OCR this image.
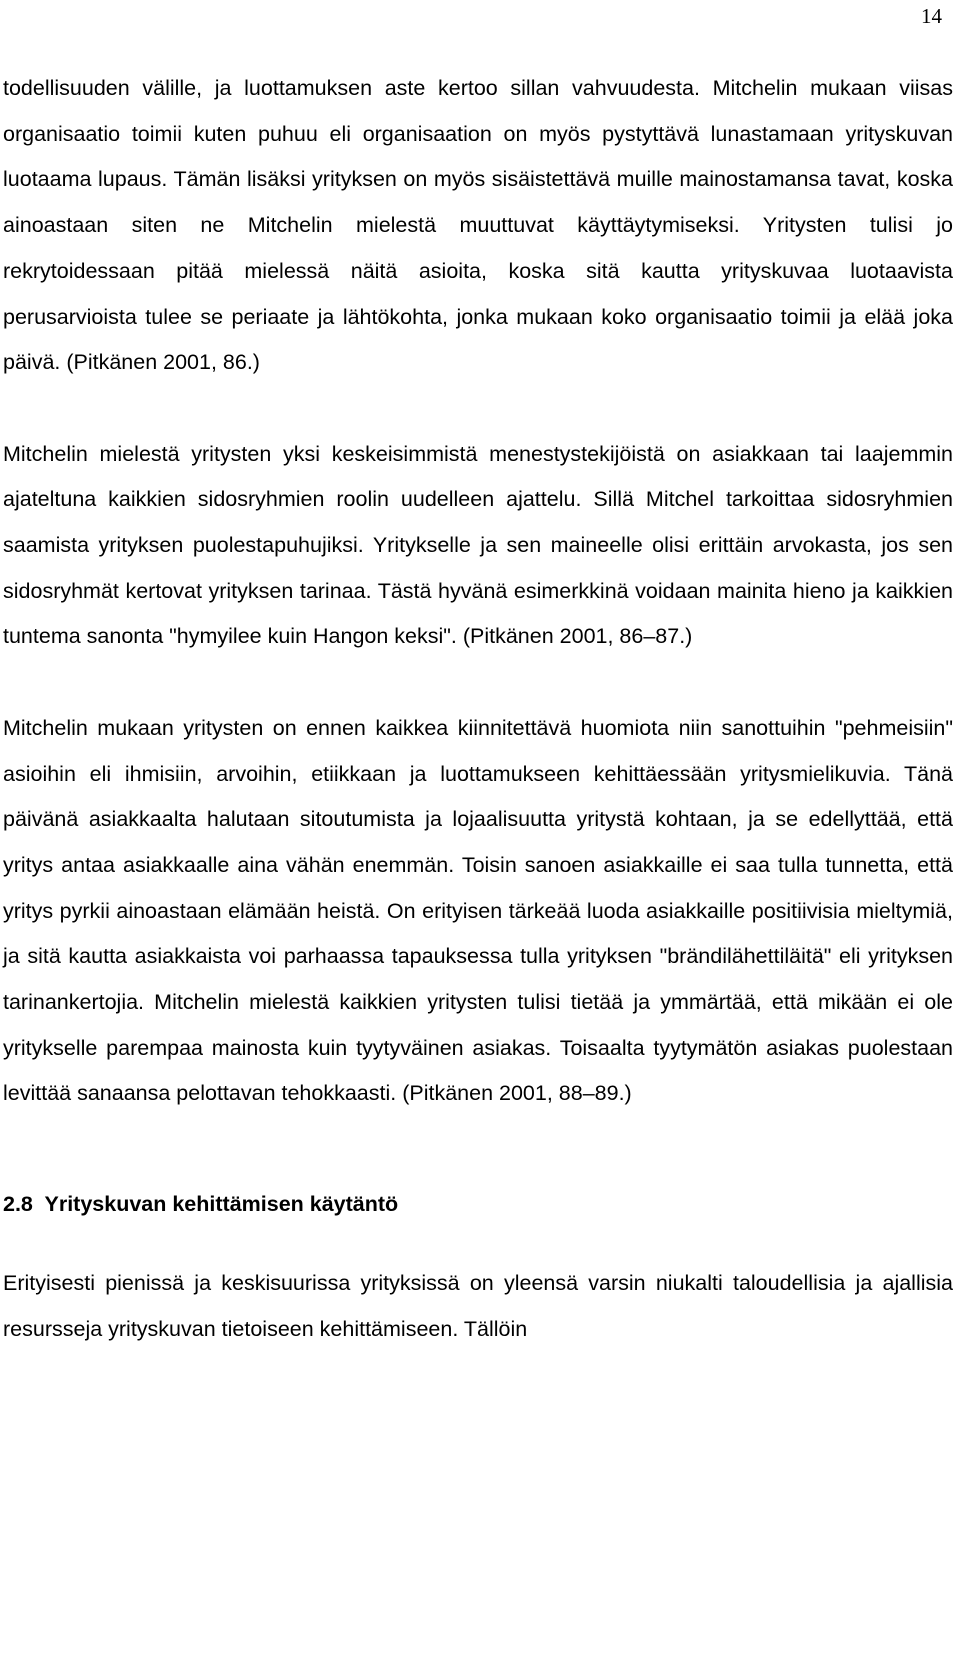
14

todellisuuden välille, ja luottamuksen aste kertoo sillan vahvuudesta. Mitchelin mukaan viisas organisaatio toimii kuten puhuu eli organisaation on myös pystyttävä lunastamaan yrityskuvan luotaama lupaus. Tämän lisäksi yrityksen on myös sisäistettävä muille mainostamansa tavat, koska ainoastaan siten ne Mitchelin mielestä muuttuvat käyttäytymiseksi. Yritysten tulisi jo rekrytoidessaan pitää mielessä näitä asioita, koska sitä kautta yrityskuvaa luotaavista perusarvioista tulee se periaate ja lähtökohta, jonka mukaan koko organisaatio toimii ja elää joka päivä. (Pitkänen 2001, 86.)

Mitchelin mielestä yritysten yksi keskeisimmistä menestystekijöistä on asiakkaan tai laajemmin ajateltuna kaikkien sidosryhmien roolin uudelleen ajattelu. Sillä Mitchel tarkoittaa sidosryhmien saamista yrityksen puolestapuhujiksi. Yritykselle ja sen maineelle olisi erittäin arvokasta, jos sen sidosryhmät kertovat yrityksen tarinaa. Tästä hyvänä esimerkkinä voidaan mainita hieno ja kaikkien tuntema sanonta "hymyilee kuin Hangon keksi". (Pitkänen 2001, 86–87.)

Mitchelin mukaan yritysten on ennen kaikkea kiinnitettävä huomiota niin sanottuihin "pehmeisiin" asioihin eli ihmisiin, arvoihin, etiikkaan ja luottamukseen kehittäessään yritysmielikuvia. Tänä päivänä asiakkaalta halutaan sitoutumista ja lojaalisuutta yritystä kohtaan, ja se edellyttää, että yritys antaa asiakkaalle aina vähän enemmän. Toisin sanoen asiakkaille ei saa tulla tunnetta, että yritys pyrkii ainoastaan elämään heistä. On erityisen tärkeää luoda asiakkaille positiivisia mieltymiä, ja sitä kautta asiakkaista voi parhaassa tapauksessa tulla yrityksen "brändilähettiläitä" eli yrityksen tarinankertojia. Mitchelin mielestä kaikkien yritysten tulisi tietää ja ymmärtää, että mikään ei ole yritykselle parempaa mainosta kuin tyytyväinen asiakas. Toisaalta tyytymätön asiakas puolestaan levittää sanaansa pelottavan tehokkaasti. (Pitkänen 2001, 88–89.)

2.8 Yrityskuvan kehittämisen käytäntö

Erityisesti pienissä ja keskisuurissa yrityksissä on yleensä varsin niukalti taloudellisia ja ajallisia resursseja yrityskuvan tietoiseen kehittämiseen. Tällöin
